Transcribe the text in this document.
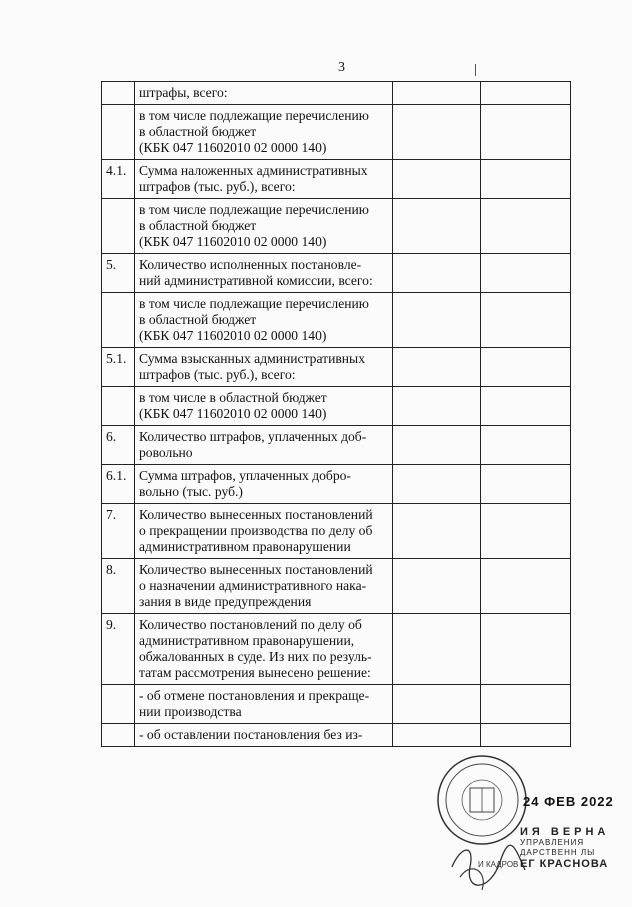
3
	штрафы, всего:		
	в том числе подлежащие перечислению
в областной бюджет
(КБК 047 11602010 02 0000 140)		
4.1.	Сумма наложенных административных
штрафов (тыс. руб.), всего:		
	в том числе подлежащие перечислению
в областной бюджет
(КБК 047 11602010 02 0000 140)		
5.	Количество исполненных постановле-
ний административной комиссии, всего:		
	в том числе подлежащие перечислению
в областной бюджет
(КБК 047 11602010 02 0000 140)		
5.1.	Сумма взысканных административных
штрафов (тыс. руб.), всего:		
	в том числе в областной бюджет
(КБК 047 11602010 02 0000 140)		
6.	Количество штрафов, уплаченных доб-
ровольно		
6.1.	Сумма штрафов, уплаченных добро-
вольно (тыс. руб.)		
7.	Количество вынесенных постановлений
о прекращении производства по делу об
административном правонарушении		
8.	Количество вынесенных постановлений
о назначении административного нака-
зания в виде предупреждения		
9.	Количество постановлений по делу об
административном правонарушении,
обжалованных в суде. Из них по резуль-
татам рассмотрения вынесено решение:		
	- об отмене постановления и прекраще-
нии производства		
	- об оставлении постановления без из-		
24 ФЕВ 2022
ИЯ ВЕРНА
УПРАВЛЕНИЯ
ДАРСТВЕНН ЛЫ
ЕГ КРАСНОВА
И КАДРОВ
